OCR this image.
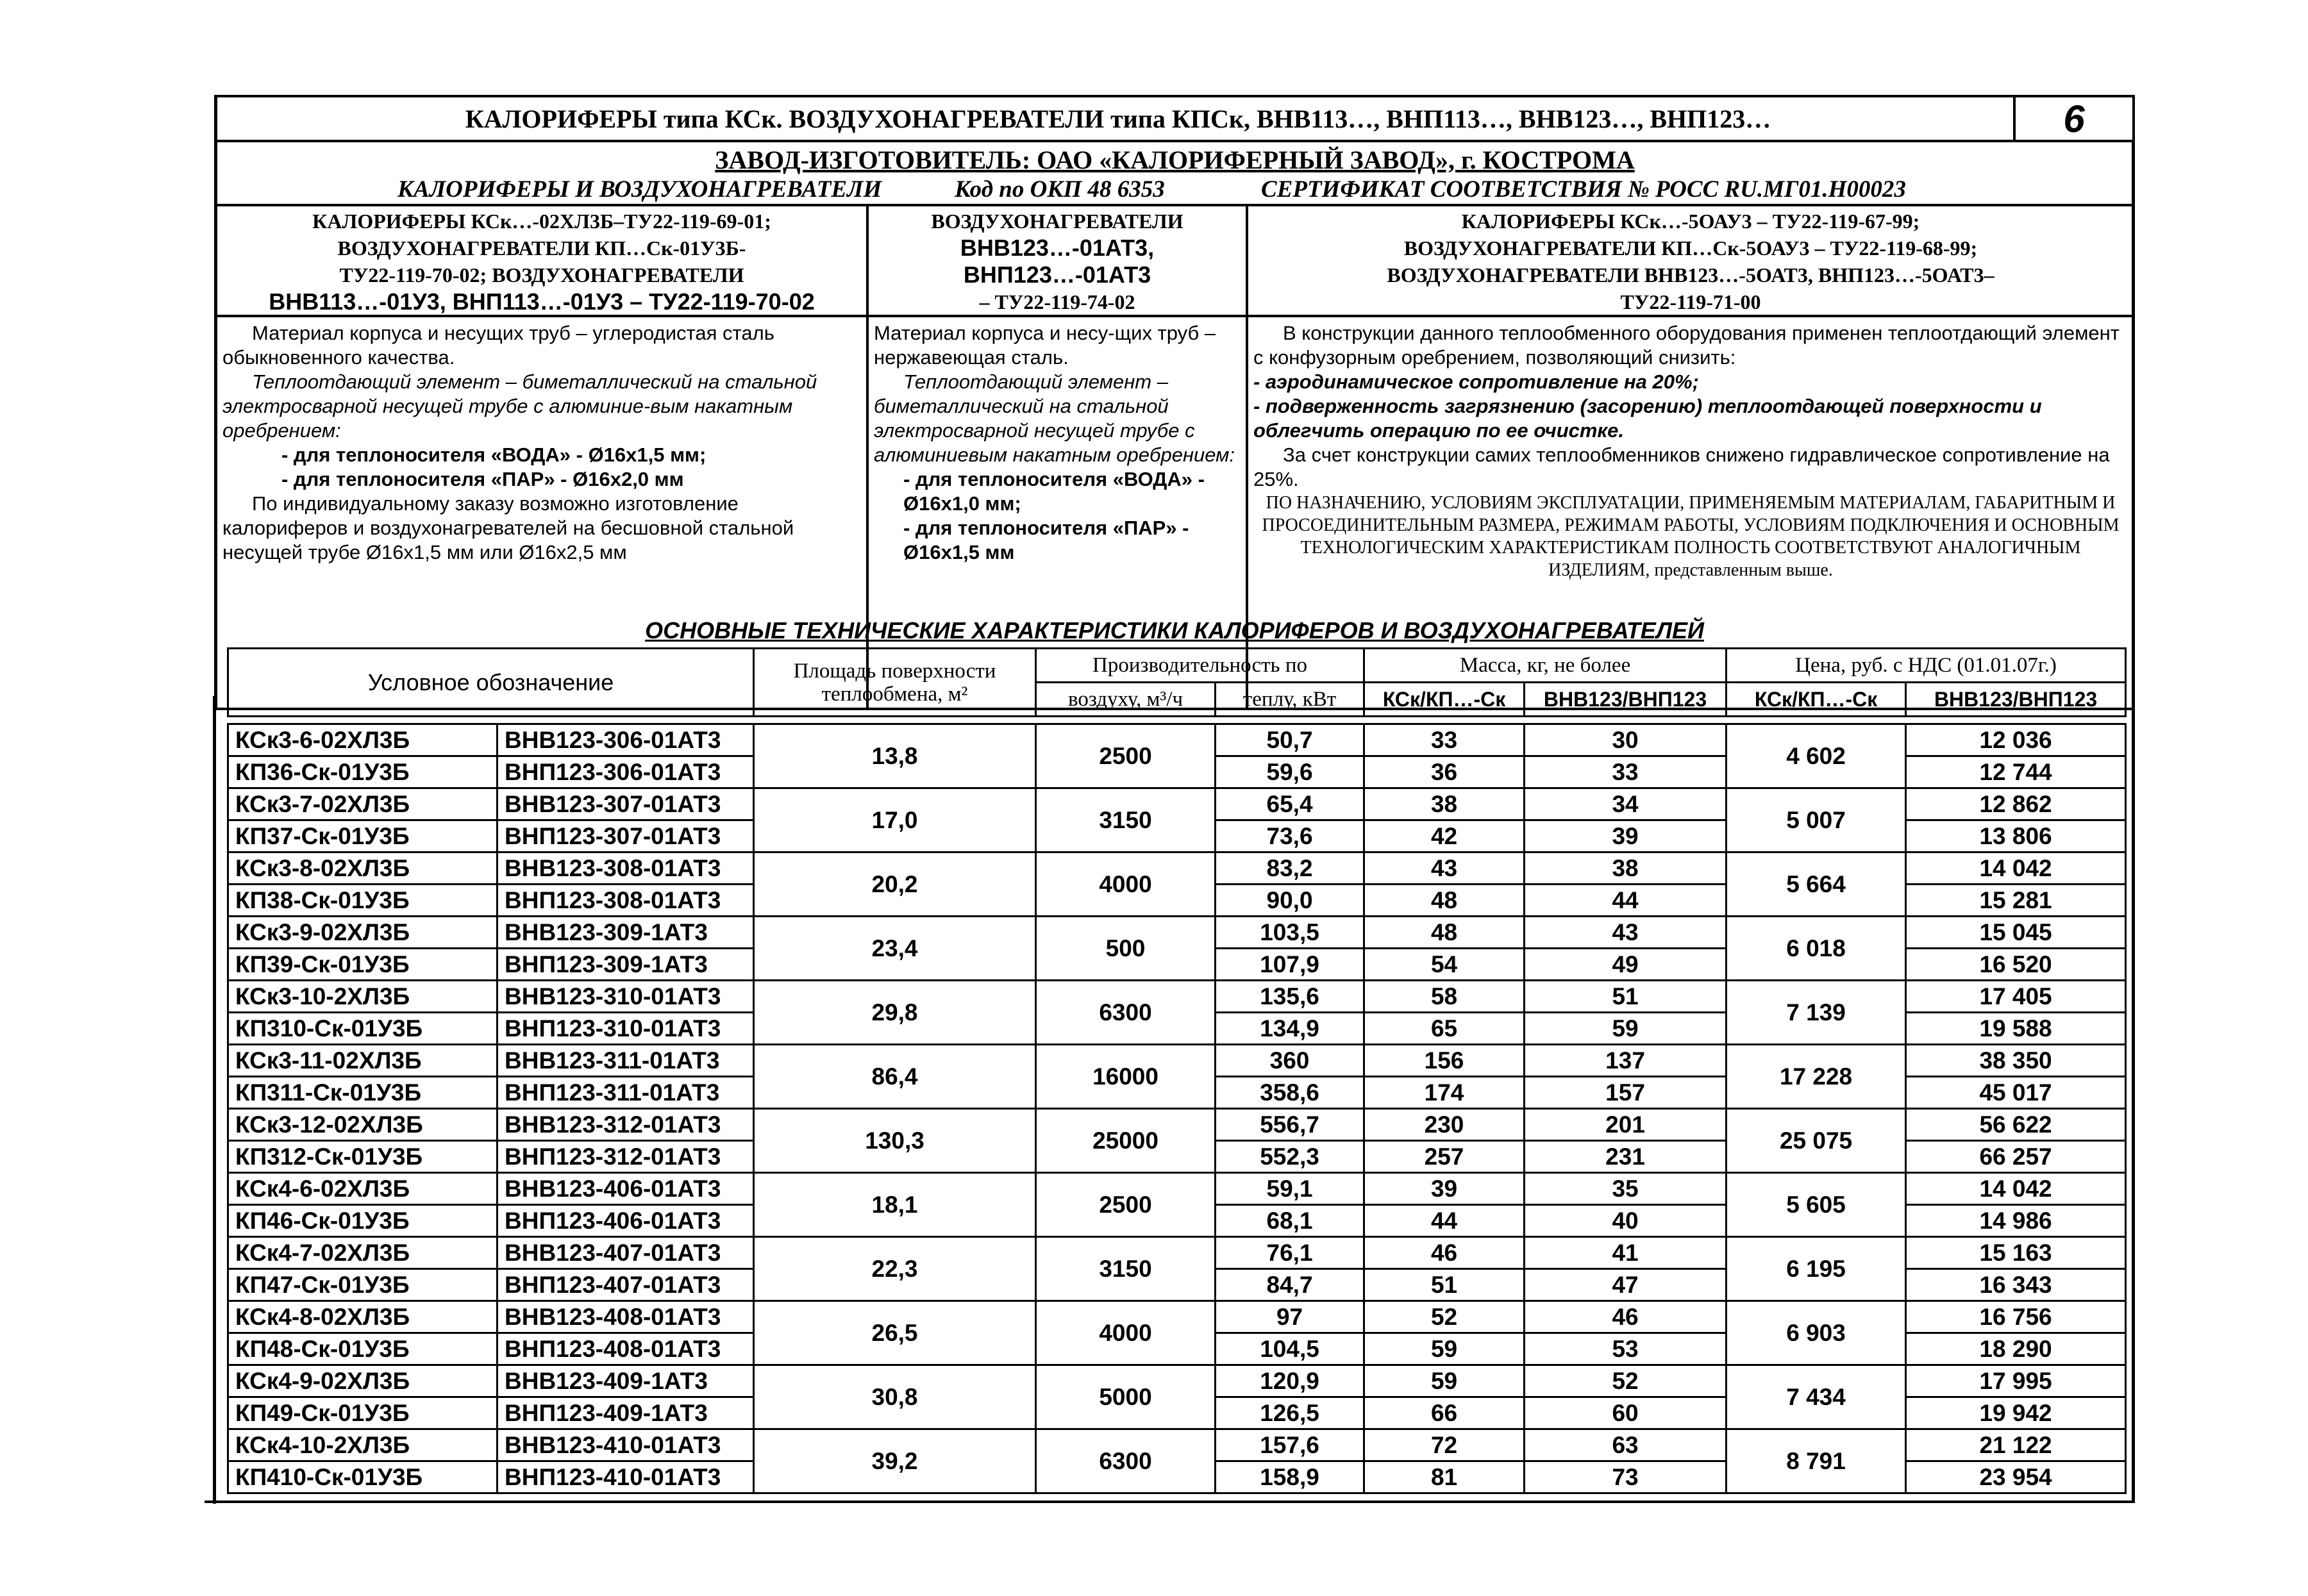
КАЛОРИФЕРЫ типа КСк. ВОЗДУХОНАГРЕВАТЕЛИ типа КПСк, ВНВ113…, ВНП113…, ВНВ123…, ВНП123…	6
ЗАВОД-ИЗГОТОВИТЕЛЬ: ОАО «КАЛОРИФЕРНЫЙ ЗАВОД», г. КОСТРОМА
КАЛОРИФЕРЫ И ВОЗДУХОНАГРЕВАТЕЛИ	Код по ОКП 48 6353	СЕРТИФИКАТ СООТВЕТСТВИЯ № РОСС RU.МГ01.Н00023
КАЛОРИФЕРЫ КСк…-02ХЛ3Б–ТУ22-119-69-01;
ВОЗДУХОНАГРЕВАТЕЛИ КП…Ск-01У3Б-
ТУ22-119-70-02; ВОЗДУХОНАГРЕВАТЕЛИ
ВНВ113…-01У3, ВНП113…-01У3 – ТУ22-119-70-02

Материал корпуса и несущих труб – углеродистая сталь обыкновенного качества.

Теплоотдающий элемент – биметаллический на стальной электросварной несущей трубе с алюминие-вым накатным оребрением:

- для теплоносителя «ВОДА» - Ø16х1,5 мм;

- для теплоносителя «ПАР» - Ø16х2,0 мм

По индивидуальному заказу возможно изготовление калориферов и воздухонагревателей на бесшовной стальной несущей трубе Ø16х1,5 мм или Ø16х2,5 мм

ВОЗДУХОНАГРЕВАТЕЛИ
ВНВ123…-01АТ3,
ВНП123…-01АТ3
– ТУ22-119-74-02

Материал корпуса и несу-щих труб – нержавеющая сталь.

Теплоотдающий элемент – биметаллический на стальной электросварной несущей трубе с алюминиевым накатным оребрением:

- для теплоносителя «ВОДА» - Ø16х1,0 мм;

- для теплоносителя «ПАР» - Ø16х1,5 мм

КАЛОРИФЕРЫ КСк…-5ОАУ3 – ТУ22-119-67-99;
ВОЗДУХОНАГРЕВАТЕЛИ КП…Ск-5ОАУ3 – ТУ22-119-68-99;
ВОЗДУХОНАГРЕВАТЕЛИ ВНВ123…-5ОАТ3, ВНП123…-5ОАТ3–
ТУ22-119-71-00

В конструкции данного теплообменного оборудования применен теплоотдающий элемент с конфузорным оребрением, позволяющий снизить:

- аэродинамическое сопротивление на 20%;

- подверженность загрязнению (засорению) теплоотдающей поверхности и облегчить операцию по ее очистке.

За счет конструкции самих теплообменников снижено гидравлическое сопротивление на 25%.

ПО НАЗНАЧЕНИЮ, УСЛОВИЯМ ЭКСПЛУАТАЦИИ, ПРИМЕНЯЕМЫМ МАТЕРИАЛАМ, ГАБАРИТНЫМ И ПРОСОЕДИНИТЕЛЬНЫМ РАЗМЕРА, РЕЖИМАМ РАБОТЫ, УСЛОВИЯМ ПОДКЛЮЧЕНИЯ И ОСНОВНЫМ ТЕХНОЛОГИЧЕСКИМ ХАРАКТЕРИСТИКАМ ПОЛНОСТЬ СООТВЕТСТВУЮТ АНАЛОГИЧНЫМ ИЗДЕЛИЯМ, представленным выше.

ОСНОВНЫЕ ТЕХНИЧЕСКИЕ ХАРАКТЕРИСТИКИ КАЛОРИФЕРОВ И ВОЗДУХОНАГРЕВАТЕЛЕЙ
Условное обозначение		Площадь поверхности
теплообмена, м²	Производительность по		Масса, кг, не более		Цена, руб. с НДС (01.01.07г.)	
			воздуху, м³/ч	теплу, кВт	КСк/КП…-Ск	ВНВ123/ВНП123	КСк/КП…-Ск	ВНВ123/ВНП123

КСк3-6-02ХЛ3Б	ВНВ123-306-01АТ3	13,8	2500	50,7	33	30	4 602	12 036
КП36-Ск-01У3Б	ВНП123-306-01АТ3			59,6	36	33		12 744
КСк3-7-02ХЛ3Б	ВНВ123-307-01АТ3	17,0	3150	65,4	38	34	5 007	12 862
КП37-Ск-01У3Б	ВНП123-307-01АТ3			73,6	42	39		13 806
КСк3-8-02ХЛ3Б	ВНВ123-308-01АТ3	20,2	4000	83,2	43	38	5 664	14 042
КП38-Ск-01У3Б	ВНП123-308-01АТ3			90,0	48	44		15 281
КСк3-9-02ХЛ3Б	ВНВ123-309-1АТ3	23,4	500	103,5	48	43	6 018	15 045
КП39-Ск-01У3Б	ВНП123-309-1АТ3			107,9	54	49		16 520
КСк3-10-2ХЛ3Б	ВНВ123-310-01АТ3	29,8	6300	135,6	58	51	7 139	17 405
КП310-Ск-01У3Б	ВНП123-310-01АТ3			134,9	65	59		19 588
КСк3-11-02ХЛ3Б	ВНВ123-311-01АТ3	86,4	16000	360	156	137	17 228	38 350
КП311-Ск-01У3Б	ВНП123-311-01АТ3			358,6	174	157		45 017
КСк3-12-02ХЛ3Б	ВНВ123-312-01АТ3	130,3	25000	556,7	230	201	25 075	56 622
КП312-Ск-01У3Б	ВНП123-312-01АТ3			552,3	257	231		66 257
КСк4-6-02ХЛ3Б	ВНВ123-406-01АТ3	18,1	2500	59,1	39	35	5 605	14 042
КП46-Ск-01У3Б	ВНП123-406-01АТ3			68,1	44	40		14 986
КСк4-7-02ХЛ3Б	ВНВ123-407-01АТ3	22,3	3150	76,1	46	41	6 195	15 163
КП47-Ск-01У3Б	ВНП123-407-01АТ3			84,7	51	47		16 343
КСк4-8-02ХЛ3Б	ВНВ123-408-01АТ3	26,5	4000	97	52	46	6 903	16 756
КП48-Ск-01У3Б	ВНП123-408-01АТ3			104,5	59	53		18 290
КСк4-9-02ХЛ3Б	ВНВ123-409-1АТ3	30,8	5000	120,9	59	52	7 434	17 995
КП49-Ск-01У3Б	ВНП123-409-1АТ3			126,5	66	60		19 942
КСк4-10-2ХЛ3Б	ВНВ123-410-01АТ3	39,2	6300	157,6	72	63	8 791	21 122
КП410-Ск-01У3Б	ВНП123-410-01АТ3			158,9	81	73		23 954
